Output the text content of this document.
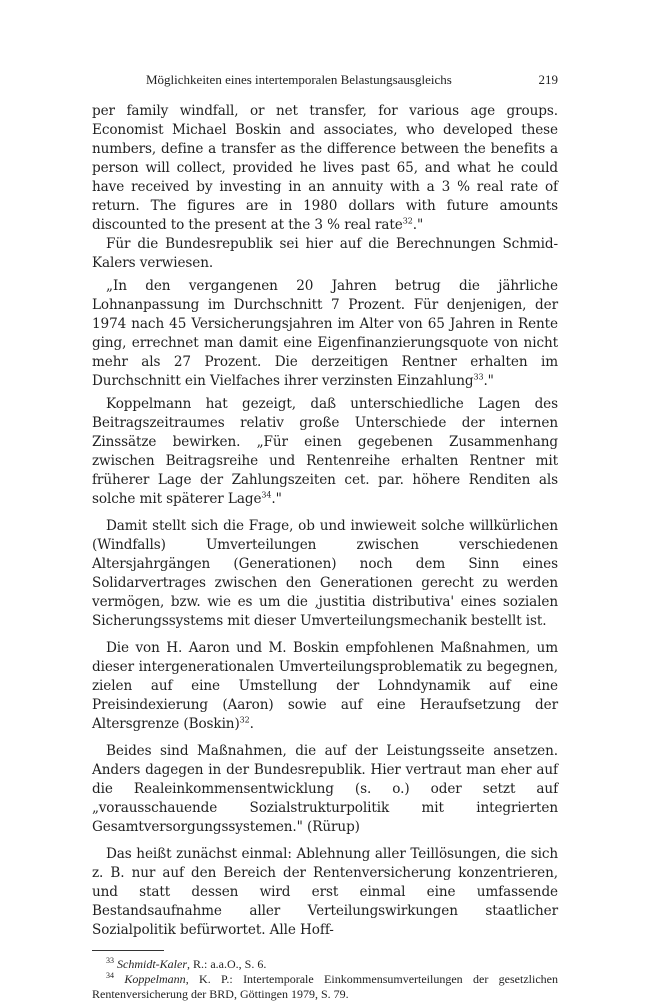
Möglichkeiten eines intertemporalen Belastungsausgleichs	219

per family windfall, or net transfer, for various age groups. Economist Michael Boskin and associates, who developed these numbers, define a transfer as the difference between the benefits a person will collect, provided he lives past 65, and what he could have received by investing in an annuity with a 3 % real rate of return. The figures are in 1980 dollars with future amounts discounted to the present at the 3 % real rate$^{32}$."

Für die Bundesrepublik sei hier auf die Berechnungen Schmid-Kalers verwiesen.

„In den vergangenen 20 Jahren betrug die jährliche Lohnanpassung im Durchschnitt 7 Prozent. Für denjenigen, der 1974 nach 45 Versicherungsjahren im Alter von 65 Jahren in Rente ging, errechnet man damit eine Eigenfinanzierungsquote von nicht mehr als 27 Prozent. Die derzeitigen Rentner erhalten im Durchschnitt ein Vielfaches ihrer verzinsten Einzahlung$^{33}$."

Koppelmann hat gezeigt, daß unterschiedliche Lagen des Beitragszeitraumes relativ große Unterschiede der internen Zinssätze bewirken. „Für einen gegebenen Zusammenhang zwischen Beitragsreihe und Rentenreihe erhalten Rentner mit früherer Lage der Zahlungszeiten cet. par. höhere Renditen als solche mit späterer Lage$^{34}$."

Damit stellt sich die Frage, ob und inwieweit solche willkürlichen (Windfalls) Umverteilungen zwischen verschiedenen Altersjahrgängen (Generationen) noch dem Sinn eines Solidarvertrages zwischen den Generationen gerecht zu werden vermögen, bzw. wie es um die ‚justitia distributiva' eines sozialen Sicherungssystems mit dieser Umverteilungsmechanik bestellt ist.

Die von H. Aaron und M. Boskin empfohlenen Maßnahmen, um dieser intergenerationalen Umverteilungsproblematik zu begegnen, zielen auf eine Umstellung der Lohndynamik auf eine Preisindexierung (Aaron) sowie auf eine Heraufsetzung der Altersgrenze (Boskin)$^{32}$.

Beides sind Maßnahmen, die auf der Leistungsseite ansetzen. Anders dagegen in der Bundesrepublik. Hier vertraut man eher auf die Realeinkommensentwicklung (s. o.) oder setzt auf „vorausschauende Sozialstrukturpolitik mit integrierten Gesamtversorgungssystemen." (Rürup)

Das heißt zunächst einmal: Ablehnung aller Teillösungen, die sich z. B. nur auf den Bereich der Rentenversicherung konzentrieren, und statt dessen wird erst einmal eine umfassende Bestandsaufnahme aller Verteilungswirkungen staatlicher Sozialpolitik befürwortet. Alle Hoff-

$^{33}$ Schmidt-Kaler, R.: a.a.O., S. 6.

$^{34}$ Koppelmann, K. P.: Intertemporale Einkommensumverteilungen der gesetzlichen Rentenversicherung der BRD, Göttingen 1979, S. 79.
